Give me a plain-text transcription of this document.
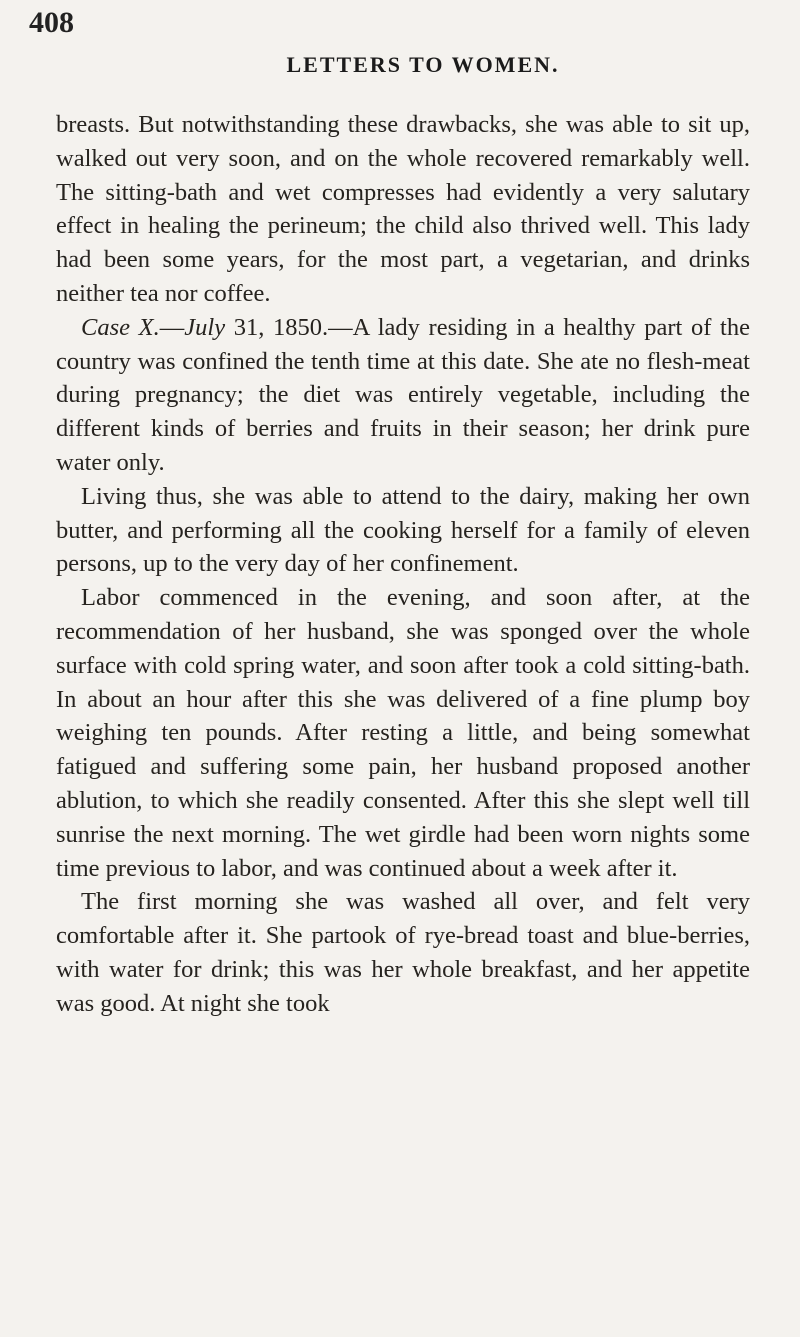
408
LETTERS TO WOMEN.

breasts. But notwithstanding these drawbacks, she was able to sit up, walked out very soon, and on the whole recovered remarkably well. The sitting-bath and wet compresses had evidently a very salutary effect in healing the perineum; the child also thrived well. This lady had been some years, for the most part, a vegetarian, and drinks neither tea nor coffee.

Case X.—July 31, 1850.—A lady residing in a healthy part of the country was confined the tenth time at this date. She ate no flesh-meat during pregnancy; the diet was entirely vegetable, including the different kinds of berries and fruits in their season; her drink pure water only.

Living thus, she was able to attend to the dairy, making her own butter, and performing all the cooking herself for a family of eleven persons, up to the very day of her confinement.

Labor commenced in the evening, and soon after, at the recommendation of her husband, she was sponged over the whole surface with cold spring water, and soon after took a cold sitting-bath. In about an hour after this she was delivered of a fine plump boy weighing ten pounds. After resting a little, and being somewhat fatigued and suffering some pain, her husband proposed another ablution, to which she readily consented. After this she slept well till sunrise the next morning. The wet girdle had been worn nights some time previous to labor, and was continued about a week after it.

The first morning she was washed all over, and felt very comfortable after it. She partook of rye-bread toast and blue-berries, with water for drink; this was her whole breakfast, and her appetite was good. At night she took
